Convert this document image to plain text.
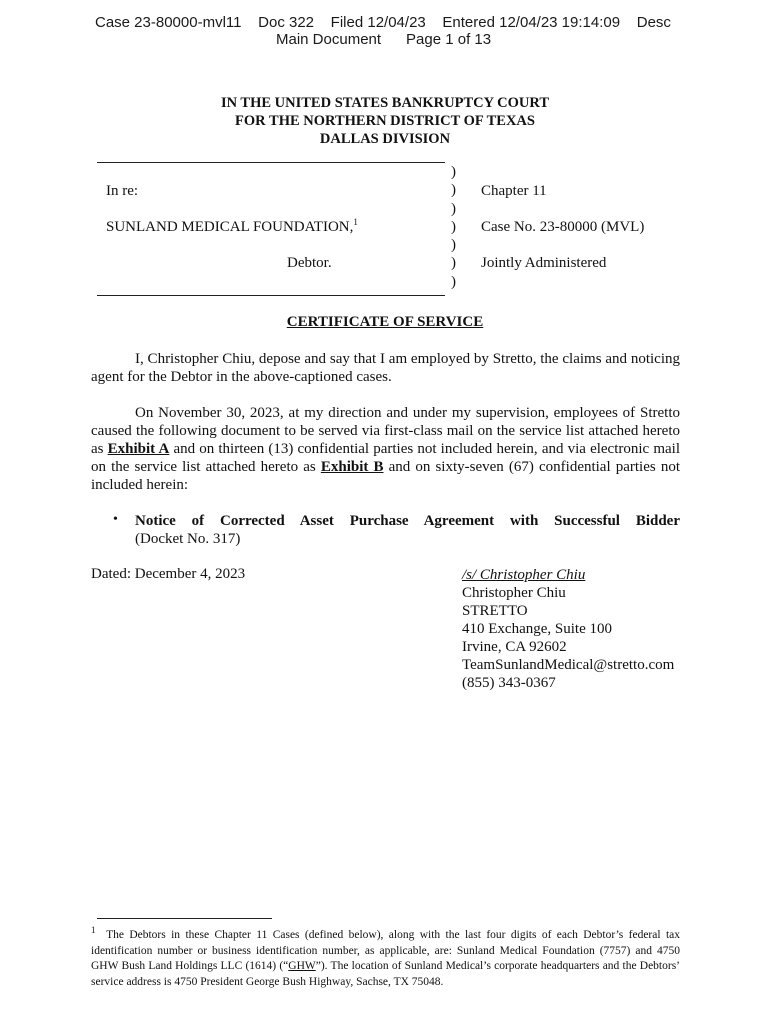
Case 23-80000-mvl11    Doc 322    Filed 12/04/23    Entered 12/04/23 19:14:09    Desc
Main Document      Page 1 of 13
IN THE UNITED STATES BANKRUPTCY COURT
FOR THE NORTHERN DISTRICT OF TEXAS
DALLAS DIVISION
)
)
)
)
)
)
)
In re:
SUNLAND MEDICAL FOUNDATION,$^1$
Debtor.
Chapter 11
Case No. 23-80000 (MVL)
Jointly Administered
CERTIFICATE OF SERVICE

I, Christopher Chiu, depose and say that I am employed by Stretto, the claims and noticing agent for the Debtor in the above-captioned cases.

On November 30, 2023, at my direction and under my supervision, employees of Stretto caused the following document to be served via first-class mail on the service list attached hereto as Exhibit A and on thirteen (13) confidential parties not included herein, and via electronic mail on the service list attached hereto as Exhibit B and on sixty-seven (67) confidential parties not included herein:

• Notice of Corrected Asset Purchase Agreement with Successful Bidder
(Docket No. 317)
Dated: December 4, 2023	/s/ Christopher Chiu
Christopher Chiu
STRETTO
410 Exchange, Suite 100
Irvine, CA 92602
TeamSunlandMedical@stretto.com
(855) 343-0367
$^1$ The Debtors in these Chapter 11 Cases (defined below), along with the last four digits of each Debtor’s federal tax identification number or business identification number, as applicable, are: Sunland Medical Foundation (7757) and 4750 GHW Bush Land Holdings LLC (1614) (“GHW”). The location of Sunland Medical’s corporate headquarters and the Debtors’ service address is 4750 President George Bush Highway, Sachse, TX 75048.
